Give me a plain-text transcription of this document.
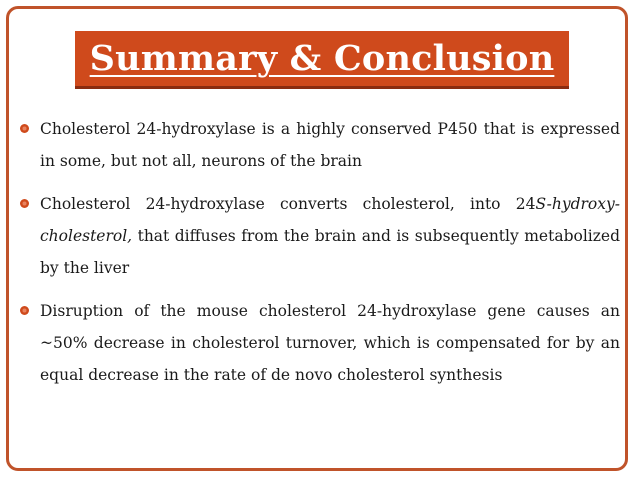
Summary & Conclusion
Cholesterol 24-hydroxylase is a highly conserved P450 that is expressed in some, but not all, neurons of the brain
Cholesterol 24-hydroxylase converts cholesterol, into 24S-hydroxy-cholesterol, that diffuses from the brain and is subsequently metabolized by the liver
Disruption of the mouse cholesterol 24-hydroxylase gene causes an ~50% decrease in cholesterol turnover, which is compensated for by an equal decrease in the rate of de novo cholesterol synthesis
